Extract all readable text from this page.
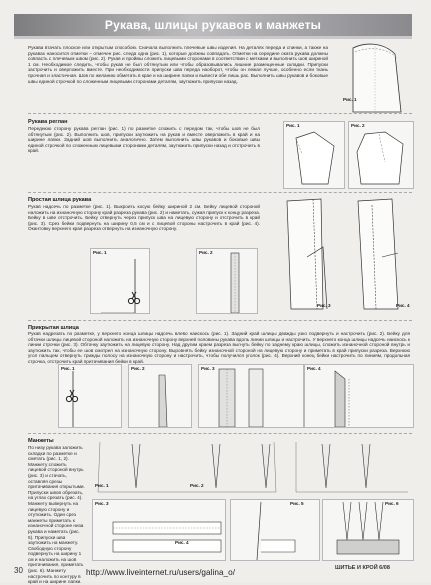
Рукава, шлицы рукавов и манжеты
Рукава втачать плоское или открытым способом. Сначала выполнить плечевые швы изделия. На деталях переда и спинки, а также на рукавах наносится отметки – отмечен рис. следа одна (рис. 1), которые должны совпадать. Отметки на середине оката рукава должны совпасть с плечевым швом (рис. 2). Рукав и проймы сложить лицевыми сторонами в соответствии с метками и выполнить шов шириной 1 см. Необходимое следить, чтобы рукав не был обтянутым или чтобы образовывались лишние размещенные складки. Припуски застрочить и оверложить вместе. При необходимости припуски шва переда наоборот, чтобы он лежал лучше, особенно если ткань прочная и эластичная. Шов по желанию обметать в крае и на ширине лапки и вывести обе лишь рас. Выполнить швы рукавов и боковые швы единой строчкой по сложенным лицевыми сторонами деталям, заутюжить припуски назад.
Рис. 1
Рукава реглан
Переднюю сторону рукава реглан (рис. 1) по разметке сложить с передом так, чтобы шов не был обтянутым (рис. 2). Выполнить шов, припуски заутюжить на рукав и вместе оверложить в край и на ширине лапки. Задний шов выполнить аналогично. Затем выполнить швы рукавов и боковые швы единой строчкой по сложенным лицевыми сторонами деталям, заутюжить припуски назад и отстрочить в край.
Рис. 1	Рис. 2
Простая шлица рукава
Рукав надсечь по разметке (рис. 1). Выкроить косую бейку шириной 2 см. Бейку лицевой стороной наложить на изнаночную сторону край разреза рукава (рис. 2) и наметать, сужая припуск к концу разреза. Бейку в шве отстрочить. Бейку отвернуть через припуск шва на лицевую сторону и отстрочить в край (рис. 3). Срез бейки подвернуть на ширину 0,5 см и с лицевой стороны настрочить в край (рис. 4). Окантовку верхнего края разреза отвернуть на изнаночную сторону.
Рис. 1	Рис. 2
Рис. 3	Рис. 4
Прикрытая шлица
Рукав надрезать по разметке, у верхнего конца шлицы надсечь влево наискось (рис. 1). Задний край шлицы дважды узко подвернуть и настрочить (рис. 2). Бейку для обтачки шлицы лицевой стороной наложить на изнаночную сторону верхней половины рукава вдоль линии шлицы и настрочить. У верхнего конца шлицы надсечь наискось к линии строчки (рис. 3). Обтачку заутюжить на лицевую сторону. Над другим краем разреза выгнуть бейку по заднему краю шлицы, сложить изнаночной стороной внутрь и заутюжить так, чтобы ее шов смотрел на изнаночную сторону. Выровнять бейку изнаночной стороной на лицевую сторону и приметать в край припуски разреза. Верхнюю угол пальцем отвернуть трижды полосу на изнаночную сторону и настрочить, чтобы получился уголок (рис. 4). Верхний конец бейки настрочить по линиям, продольная строчка, отстрочить край притачивания бейки в край.
Рис. 1	Рис. 2	Рис. 3	Рис. 4
Манжеты
По низу рукава заложить складки по разметке и сметать (рис. 1, 2). Манжету сложить лицевой стороной внутрь (рис. 3) и стачать, оставляя срезы притачивания открытыми. Припуски швов обрезать, на углах срезать (рис. 4). Манжету вывернуть на лицевую сторону и отутюжить. Один срез манжеты приметать к изнаночной стороне низа рукава и наметать (рис. 5). Припуски шва заутюжить на манжету. Свободную сторону подвернуть на ширину 1 см и наложить на шов притачивания, приметать (рис. 6). Манжету настрочить по контуру в край и на ширине лапки.
Рис. 1	Рис. 2
Рис. 3
Рис. 4
Рис. 5	Рис. 6
30	http://www.liveinternet.ru/users/galina_o/	ШИТЬЕ И КРОЙ 6/08
